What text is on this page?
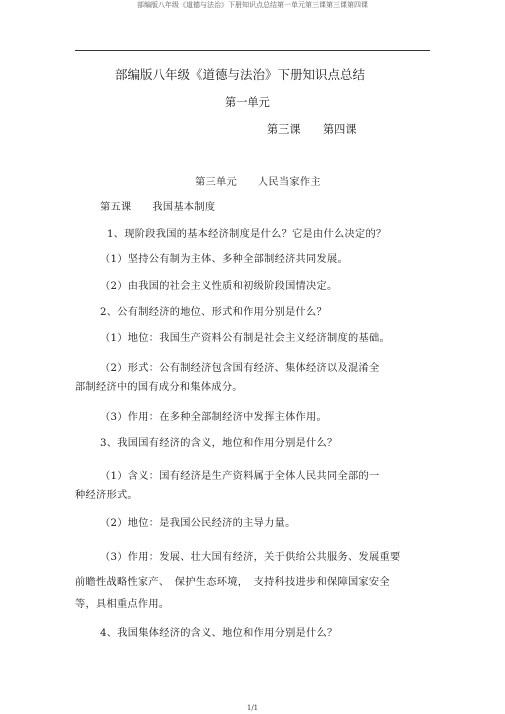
部编版八年级《道德与法治》下册知识点总结第一单元第三课第三课第四课
部编版八年级《道德与法治》下册知识点总结
第一单元
第三课　　第四课
第三单元　　人民当家作主
第五课　　我国基本制度
1、现阶段我国的基本经济制度是什么？它是由什么决定的？
（1）坚持公有制为主体、多种全部制经济共同发展。
（2）由我国的社会主义性质和初级阶段国情决定。
2、公有制经济的地位、形式和作用分别是什么？
（1）地位：我国生产资料公有制是社会主义经济制度的基础。
（2）形式：公有制经济包含国有经济、集体经济以及混淆全
部制经济中的国有成分和集体成分。
（3）作用：在多种全部制经济中发挥主体作用。
3、我国国有经济的含义，地位和作用分别是什么？
（1）含义：国有经济是生产资料属于全体人民共同全部的一
种经济形式。
（2）地位：是我国公民经济的主导力量。
（3）作用：发展、壮大国有经济，关于供给公共服务、发展重要
前瞻性战略性家产、　保护生态环境，　支持科技进步和保障国家安全
等，具相重点作用。
4、我国集体经济的含义、地位和作用分别是什么？
1/1
